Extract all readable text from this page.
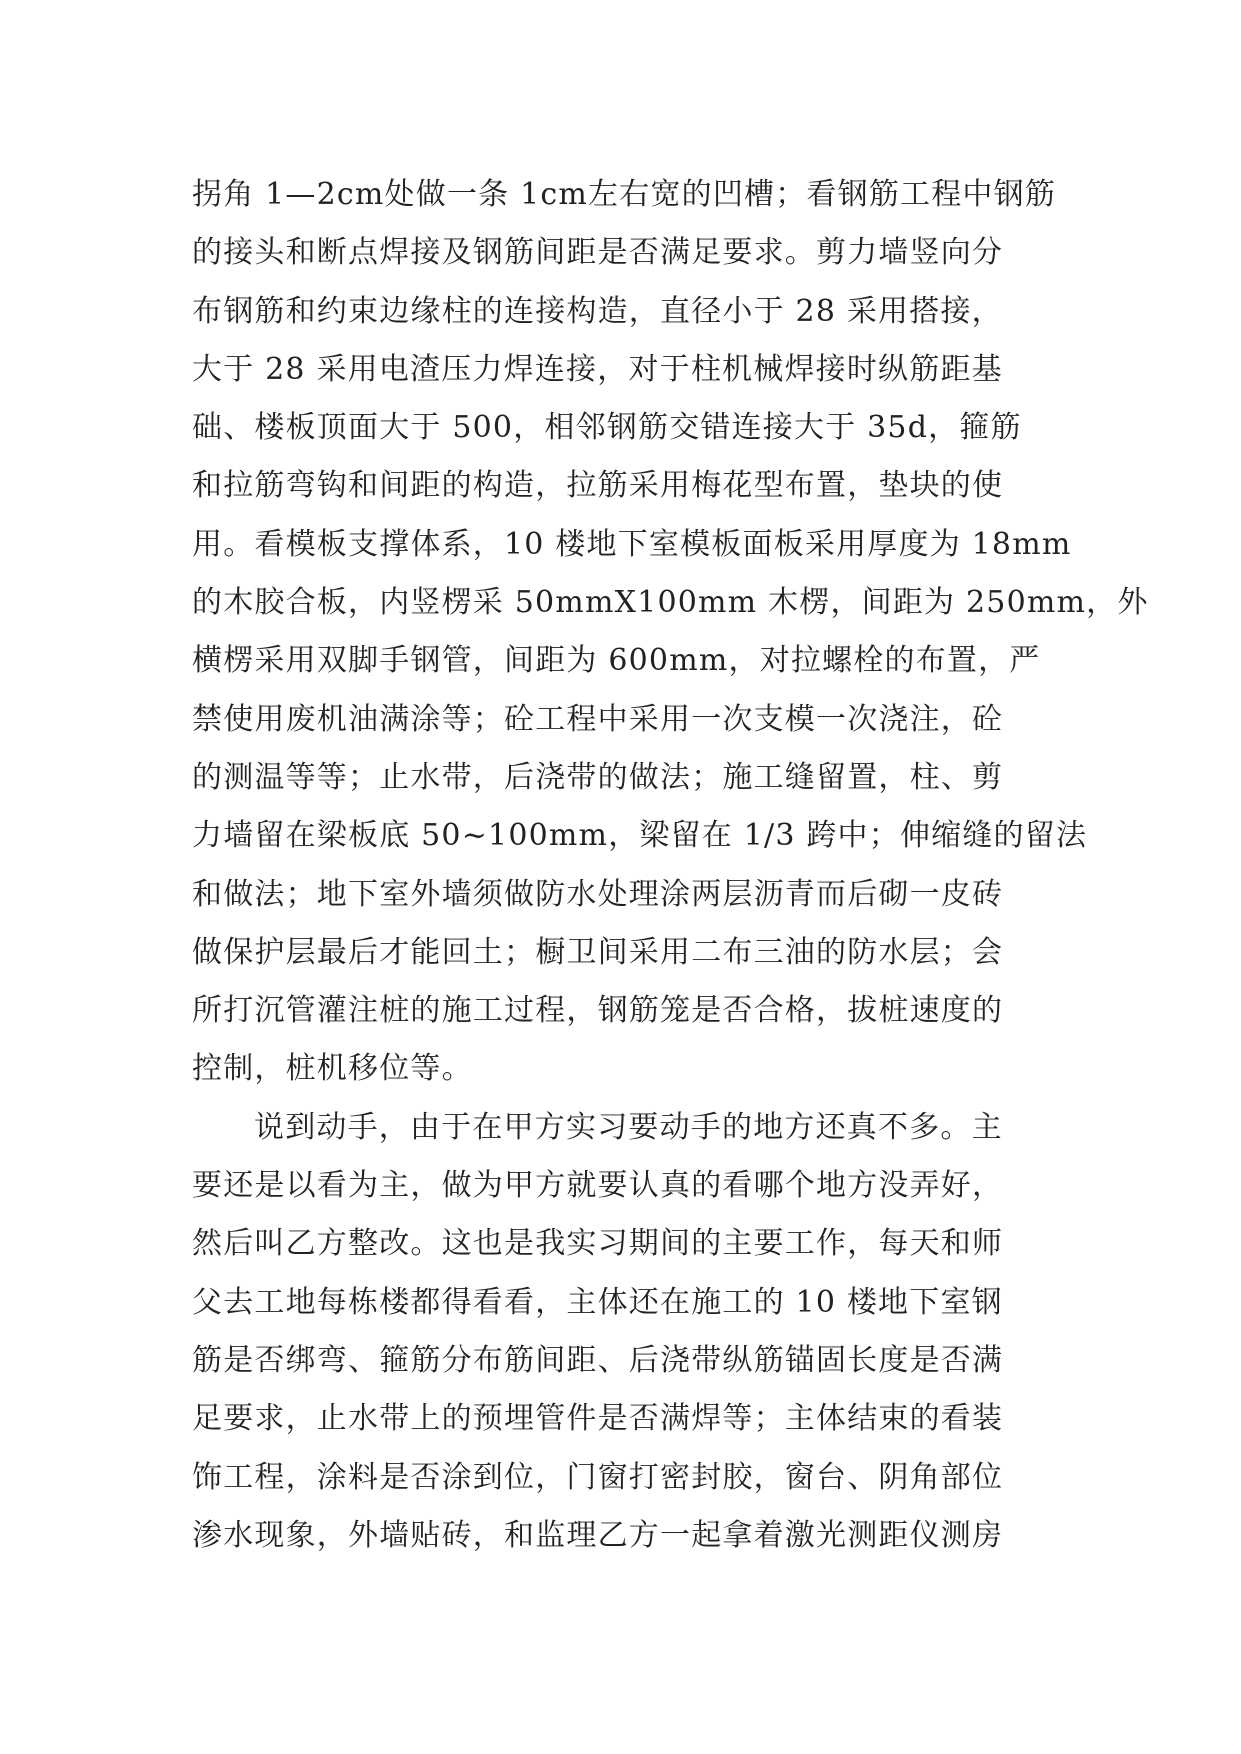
拐角 1—2cm处做一条 1cm左右宽的凹槽；看钢筋工程中钢筋
的接头和断点焊接及钢筋间距是否满足要求。剪力墙竖向分
布钢筋和约束边缘柱的连接构造，直径小于 28 采用搭接，
大于 28 采用电渣压力焊连接，对于柱机械焊接时纵筋距基
础、楼板顶面大于 500，相邻钢筋交错连接大于 35d，箍筋
和拉筋弯钩和间距的构造，拉筋采用梅花型布置，垫块的使
用。看模板支撑体系，10 楼地下室模板面板采用厚度为 18mm
的木胶合板，内竖楞采 50mmX100mm 木楞，间距为 250mm，外
横楞采用双脚手钢管，间距为 600mm，对拉螺栓的布置，严
禁使用废机油满涂等；砼工程中采用一次支模一次浇注，砼
的测温等等；止水带，后浇带的做法；施工缝留置，柱、剪
力墙留在梁板底 50~100mm，梁留在 1/3 跨中；伸缩缝的留法
和做法；地下室外墙须做防水处理涂两层沥青而后砌一皮砖
做保护层最后才能回土；橱卫间采用二布三油的防水层；会
所打沉管灌注桩的施工过程，钢筋笼是否合格，拔桩速度的
控制，桩机移位等。
说到动手，由于在甲方实习要动手的地方还真不多。主
要还是以看为主，做为甲方就要认真的看哪个地方没弄好，
然后叫乙方整改。这也是我实习期间的主要工作，每天和师
父去工地每栋楼都得看看，主体还在施工的 10 楼地下室钢
筋是否绑弯、箍筋分布筋间距、后浇带纵筋锚固长度是否满
足要求，止水带上的预埋管件是否满焊等；主体结束的看装
饰工程，涂料是否涂到位，门窗打密封胶，窗台、阴角部位
渗水现象，外墙贴砖，和监理乙方一起拿着激光测距仪测房
